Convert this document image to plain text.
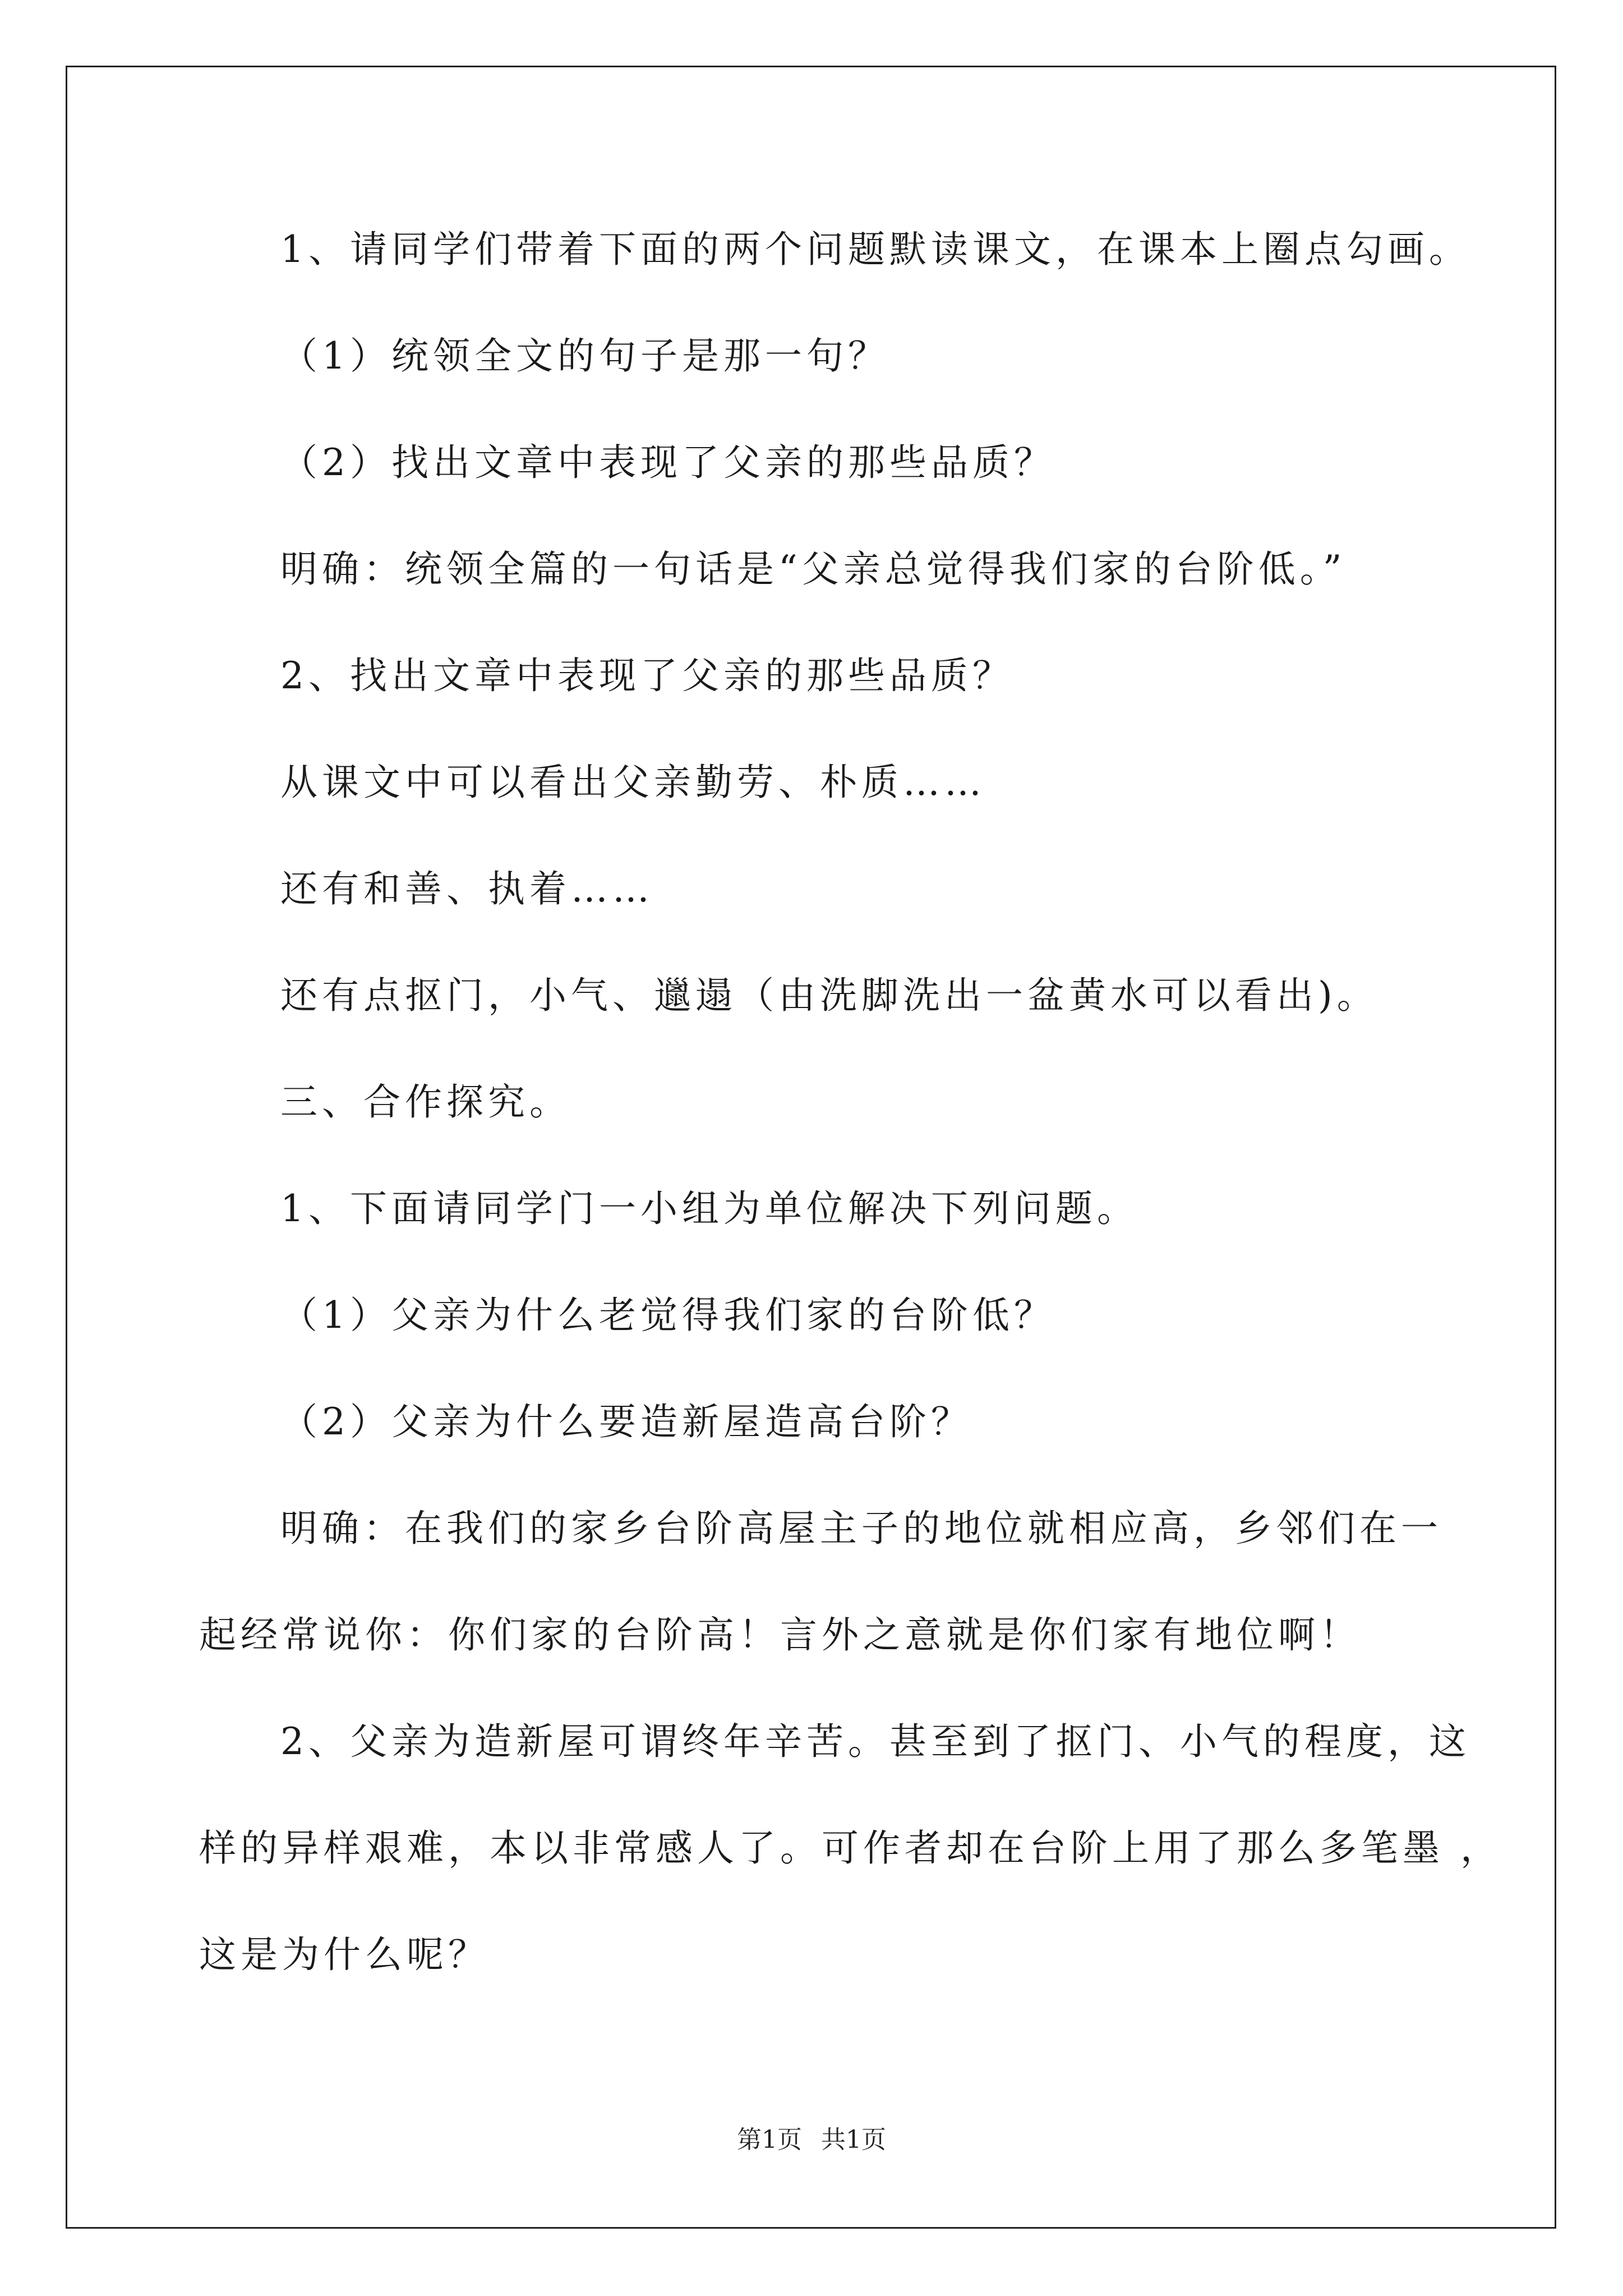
1、请同学们带着下面的两个问题默读课文，在课本上圈点勾画。
（1）统领全文的句子是那一句？
（2）找出文章中表现了父亲的那些品质？
明确：统领全篇的一句话是“父亲总觉得我们家的台阶低。”
2、找出文章中表现了父亲的那些品质？
从课文中可以看出父亲勤劳、朴质……
还有和善、执着……
还有点抠门，小气、邋遢（由洗脚洗出一盆黄水可以看出)。
三、合作探究。
1、下面请同学门一小组为单位解决下列问题。
（1）父亲为什么老觉得我们家的台阶低？
（2）父亲为什么要造新屋造高台阶？
明确：在我们的家乡台阶高屋主子的地位就相应高，乡邻们在一
起经常说你：你们家的台阶高！言外之意就是你们家有地位啊！
2、父亲为造新屋可谓终年辛苦。甚至到了抠门、小气的程度，这
样的异样艰难，本以非常感人了。可作者却在台阶上用了那么多笔墨 ，
这是为什么呢？
第1页 共1页
